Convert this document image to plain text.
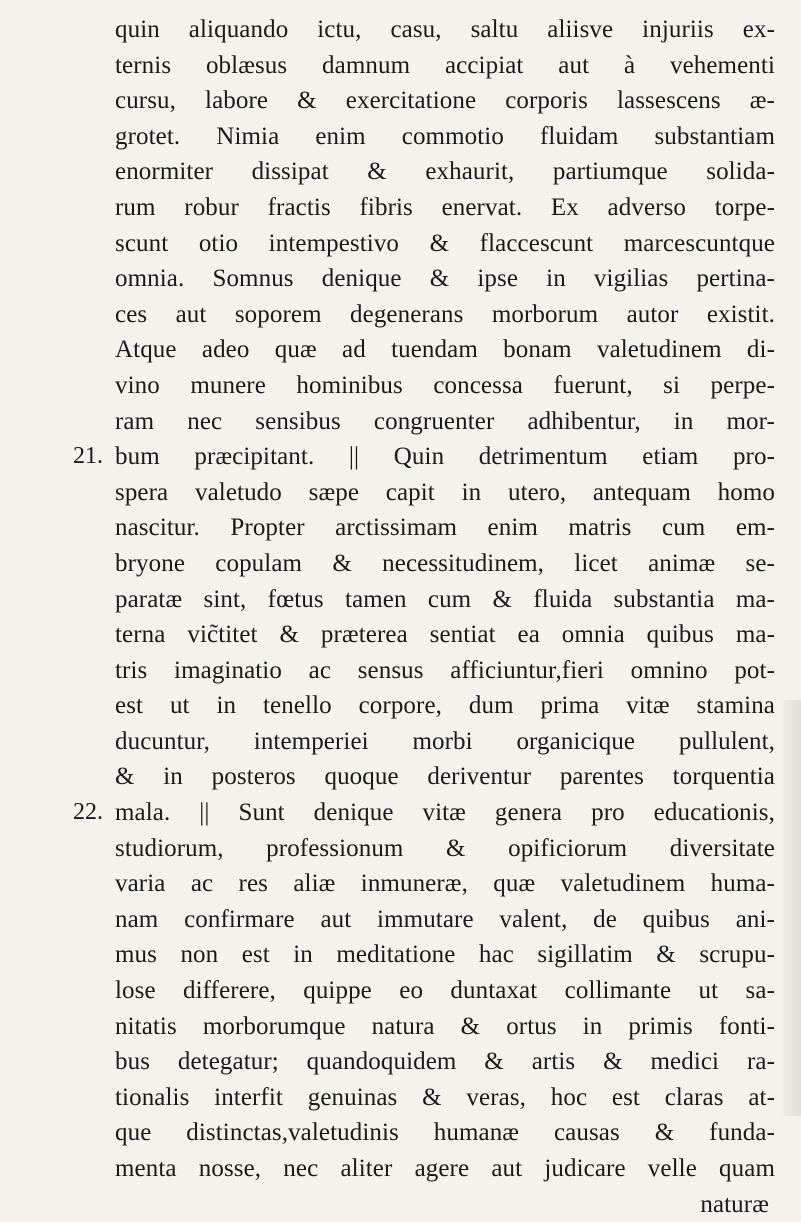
quin aliquando ictu, casu, saltu aliisve injuriis ex-
ternis oblæsus damnum accipiat aut à vehementi
cursu, labore & exercitatione corporis lassescens æ-
grotet. Nimia enim commotio fluidam substantiam
enormiter dissipat & exhaurit, partiumque solida-
rum robur fractis fibris enervat. Ex adverso torpe-
scunt otio intempestivo & flaccescunt marcescuntque
omnia. Somnus denique & ipse in vigilias pertina-
ces aut soporem degenerans morborum autor existit.
Atque adeo quæ ad tuendam bonam valetudinem di-
vino munere hominibus concessa fuerunt, si perpe-
ram nec sensibus congruenter adhibentur, in mor-
21. bum præcipitant. || Quin detrimentum etiam pro-
spera valetudo sæpe capit in utero, antequam homo
nascitur. Propter arctissimam enim matris cum em-
bryone copulam & necessitudinem, licet animæ se-
paratæ sint, fœtus tamen cum & fluida substantia ma-
terna vic̃titet & præterea sentiat ea omnia quibus ma-
tris imaginatio ac sensus afficiuntur,fieri omnino pot-
est ut in tenello corpore, dum prima vitæ stamina
ducuntur, intemperiei morbi organicique pullulent,
& in posteros quoque deriventur parentes torquentia
22. mala. || Sunt denique vitæ genera pro educationis,
studiorum, professionum & opificiorum diversitate
varia ac res aliæ inmuneræ, quæ valetudinem huma-
nam confirmare aut immutare valent, de quibus ani-
mus non est in meditatione hac sigillatim & scrupu-
lose differere, quippe eo duntaxat collimante ut sa-
nitatis morborumque natura & ortus in primis fonti-
bus detegatur; quandoquidem & artis & medici ra-
tionalis interfit genuinas & veras, hoc est claras at-
que distinctas,valetudinis humanæ causas & funda-
menta nosse, nec aliter agere aut judicare velle quam
naturæ
